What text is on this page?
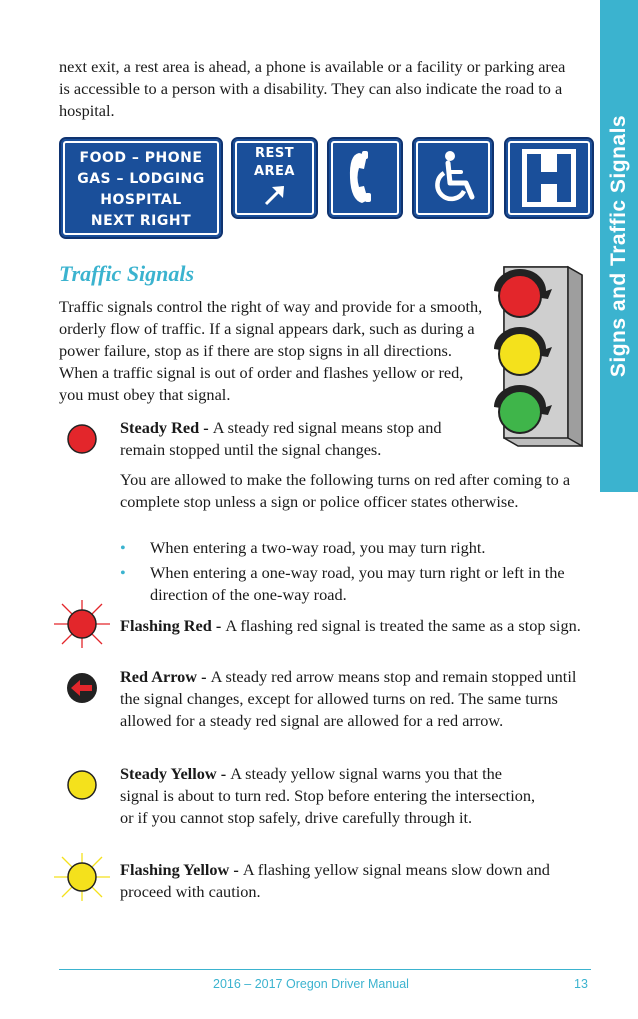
Signs and Traffic Signals
next exit, a rest area is ahead, a phone is available or a facility or parking area is accessible to a person with a disability. They can also indicate the road to a hospital.
FOOD – PHONE
GAS – LODGING
HOSPITAL
NEXT RIGHT
REST
AREA
Traffic Signals
Traffic signals control the right of way and provide for a smooth, orderly flow of traffic. If a signal appears dark, such as during a power failure, stop as if there are stop signs in all directions. When a traffic signal is out of order and flashes yellow or red, you must obey that signal.
Steady Red - A steady red signal means stop and remain stopped until the signal changes.
You are allowed to make the following turns on red after coming to a complete stop unless a sign or police officer states otherwise.
•	When entering a two-way road, you may turn right.
•	When entering a one-way road, you may turn right or left in the direction of the one-way road.
Flashing Red - A flashing red signal is treated the same as a stop sign.
Red Arrow - A steady red arrow means stop and remain stopped until the signal changes, except for allowed turns on red. The same turns allowed for a steady red signal are allowed for a red arrow.
Steady Yellow - A steady yellow signal warns you that the signal is about to turn red. Stop before entering the intersection, or if you cannot stop safely, drive carefully through it.
Flashing Yellow - A flashing yellow signal means slow down and proceed with caution.
2016 – 2017 Oregon Driver Manual	13
